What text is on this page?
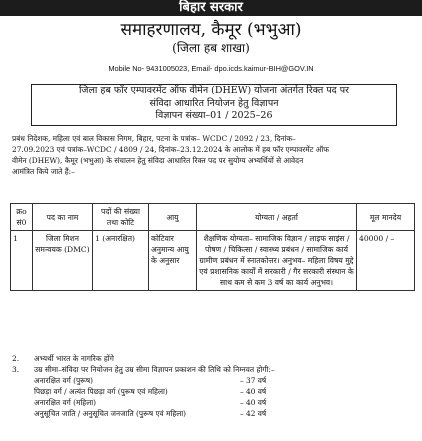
बिहार सरकार
समाहरणालय, कैमूर (भभुआ)
(जिला हब शाखा)
Mobile No- 9431005023, Email- dpo.icds.kaimur-BIH@GOV.IN
जिला हब फॉर एम्पावरमेंट ऑफ वीमेन (DHEW) योजना अंतर्गत रिक्त पद पर
संविदा आधारित नियोजन हेतु विज्ञापन
विज्ञापन संख्या–01 / 2025–26
प्रबंध निदेशक, महिला एवं बाल विकास निगम, बिहार, पटना के पत्रांक– WCDC / 2092 / 23, दिनांक–
27.09.2023 एवं पत्रांक–WCDC / 4809 / 24, दिनांक–23.12.2024 के आलोक में हब फॉर एम्पावरमेंट ऑफ
वीमेन (DHEW), कैमूर (भभुआ) के संचालन हेतु संविदा आधारित रिक्त पद पर सुयोग्य अभ्यर्थियों से आवेदन
आमंत्रित किये जाते हैं:–
क्रo सं0	पद का नाम	पदों की संख्या तथा कोटि	आयु	योग्यता / अहर्ता	मूल मानदेय
1	जिला मिशन समन्वयक (DMC)	1 (अनारक्षित)	कोटिवार अनुमान्य आयु के अनुसार	शैक्षणिक योग्यता– सामाजिक विज्ञान / लाइफ साइंस / पोषण / चिकित्सा / स्वास्थ्य प्रबंधन / सामाजिक कार्य ग्रामीण प्रबंधन में स्नातकोत्तर। अनुभव– महिला विषय मुद्दे एवं प्रशासनिक कार्यों में सरकारी / गैर सरकारी संस्थान के साथ कम से कम 3 वर्ष का कार्य अनुभव।	40000 / –
2.	अभ्यर्थी भारत के नागरिक होंगे
3.	उम्र सीमा–संविदा पर नियोजन हेतु उम्र सीमा विज्ञापन प्रकाशन की तिथि को निम्नवत होगी:–
अनारक्षित वर्ग (पुरूष)	– 37 वर्ष
पिछड़ा वर्ग / अत्यंत पिछड़ा वर्ग (पुरूष एवं महिला)	– 40 वर्ष
अनारक्षित वर्ग (महिला)	– 40 वर्ष
अनुसूचित जाति / अनुसूचित जनजाति (पुरूष एवं महिला)	– 42 वर्ष
